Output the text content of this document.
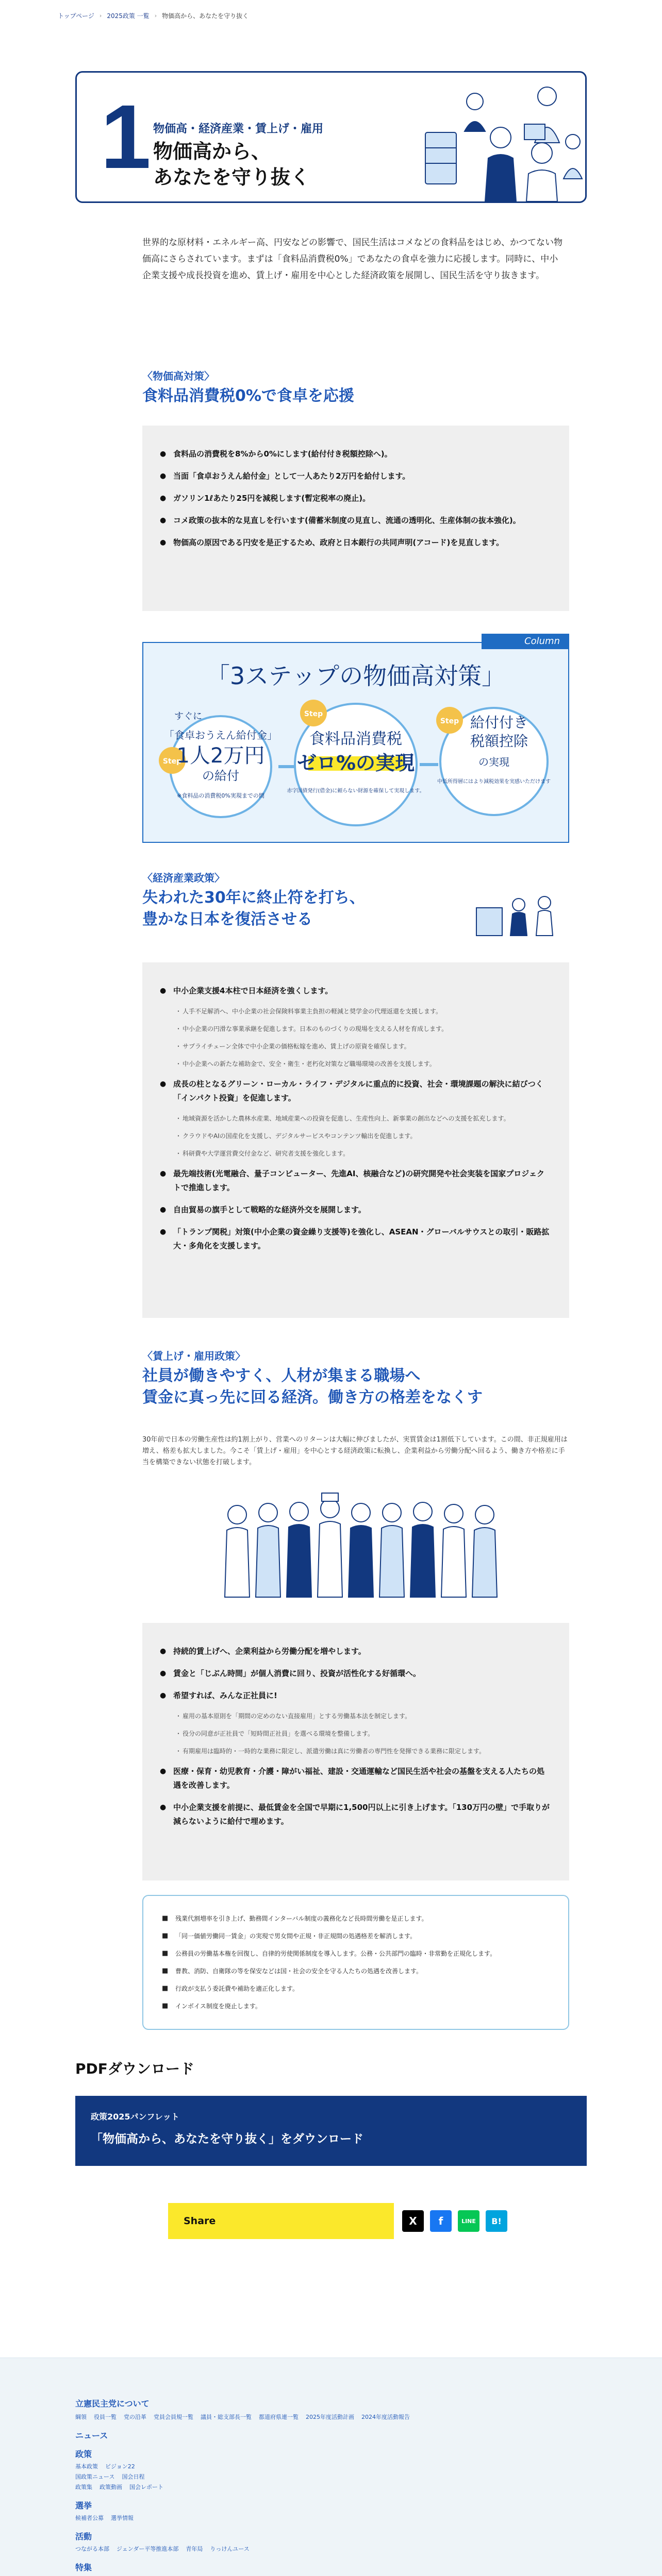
トップページ › 2025政策 一覧 › 物価高から、あなたを守り抜く
1 物価高・経済産業・賃上げ・雇用
物価高から、
あなたを守り抜く

世界的な原材料・エネルギー高、円安などの影響で、国民生活はコメなどの食料品をはじめ、かつてない物価高にさらされています。まずは「食料品消費税0%」であなたの食卓を強力に応援します。同時に、中小企業支援や成長投資を進め、賃上げ・雇用を中心とした経済政策を展開し、国民生活を守り抜きます。

〈物価高対策〉
食料品消費税0%で食卓を応援
● 食料品の消費税を8%から0%にします(給付付き税額控除へ)。
● 当面「食卓おうえん給付金」として一人あたり2万円を給付します。
● ガソリン1ℓあたり25円を減税します(暫定税率の廃止)。
● コメ政策の抜本的な見直しを行います(備蓄米制度の見直し、流通の透明化、生産体制の抜本強化)。
● 物価高の原因である円安を是正するため、政府と日本銀行の共同声明(アコード)を見直します。
Column
「3ステップの物価高対策」
Step
すぐに
「食卓おうえん給付金」
1人2万円
の給付
※食料品の消費税0%実現までの間
Step
食料品消費税
ゼロ%の実現
赤字国債発行(借金)に頼らない財源を確保して実現します。
Step 給付付き
税額控除
の実現
中低所得層にはより減税効果を実感いただけます
〈経済産業政策〉
失われた30年に終止符を打ち、
豊かな日本を復活させる
● 中小企業支援4本柱で日本経済を強くします。
・ 人手不足解消へ、中小企業の社会保険料事業主負担の軽減と奨学金の代理返還を支援します。
・ 中小企業の円滑な事業承継を促進します。日本のものづくりの現場を支える人材を育成します。
・ サプライチェーン全体で中小企業の価格転嫁を進め、賃上げの原資を確保します。
・ 中小企業への新たな補助金で、安全・衛生・老朽化対策など職場環境の改善を支援します。
● 成長の柱となるグリーン・ローカル・ライフ・デジタルに重点的に投資、社会・環境課題の解決に結びつく「インパクト投資」を促進します。
・ 地域資源を活かした農林水産業、地域産業への投資を促進し、生産性向上、新事業の創出などへの支援を拡充します。
・ クラウドやAIの国産化を支援し、デジタルサービスやコンテンツ輸出を促進します。
・ 科研費や大学運営費交付金など、研究者支援を強化します。
● 最先端技術(光電融合、量子コンピューター、先進AI、核融合など)の研究開発や社会実装を国家プロジェクトで推進します。
● 自由貿易の旗手として戦略的な経済外交を展開します。
● 「トランプ関税」対策(中小企業の資金繰り支援等)を強化し、ASEAN・グローバルサウスとの取引・販路拡大・多角化を支援します。
〈賃上げ・雇用政策〉
社員が働きやすく、人材が集まる職場へ
賃金に真っ先に回る経済。働き方の格差をなくす

30年前で日本の労働生産性は約1割上がり、営業へのリターンは大幅に伸びましたが、実質賃金は1割低下しています。この間、非正規雇用は増え、格差も拡大しました。今こそ「賃上げ・雇用」を中心とする経済政策に転換し、企業利益から労働分配へ回るよう、働き方や格差に手当を構築できない状態を打破します。

● 持続的賃上げへ、企業利益から労働分配を増やします。
● 賃金と「じぶん時間」が個人消費に回り、投資が活性化する好循環へ。
● 希望すれば、みんな正社員に!
・ 雇用の基本原則を「期間の定めのない直接雇用」とする労働基本法を制定します。
・ 役分の同意が正社員で「短時間正社員」を選べる環境を整備します。
・ 有期雇用は臨時的・一時的な業務に限定し、派遣労働は真に労働者の専門性を発揮できる業務に限定します。
● 医療・保育・幼児教育・介護・障がい福祉、建設・交通運輸など国民生活や社会の基盤を支える人たちの処遇を改善します。
● 中小企業支援を前提に、最低賃金を全国で早期に1,500円以上に引き上げます。「130万円の壁」で手取りが減らないように給付で埋めます。
■ 残業代割増率を引き上げ、勤務間インターバル制度の義務化など長時間労働を是正します。
■ 「同一価値労働同一賃金」の実現で男女間や正規・非正規間の処遇格差を解消します。
■ 公務員の労働基本権を回復し、自律的労使関係制度を導入します。公務・公共部門の臨時・非常勤を正規化します。
■ 曹教、消防、自衛隊の等を保安などは国・社会の安全を守る人たちの処遇を改善します。
■ 行政が支払う委託費や補助を適正化します。
■ インボイス制度を廃止します。
PDFダウンロード
政策2025パンフレット
「物価高から、あなたを守り抜く」をダウンロード
Share	X	f	LINE	B!
立憲民主党について
綱領 役員一覧 党の沿革 党員会員規一覧 議員・総支部長一覧 都道府県連一覧 2025年度活動計画 2024年度活動報告
ニュース
政策
基本政策 ビジョン22
国政策ニュース 国会日程
政策集 政策動画 国会レポート
選挙
候補者公募 選挙情報
活動
つながる本部 ジェンダー平等推進本部 青年局 りっけんユース
特集
